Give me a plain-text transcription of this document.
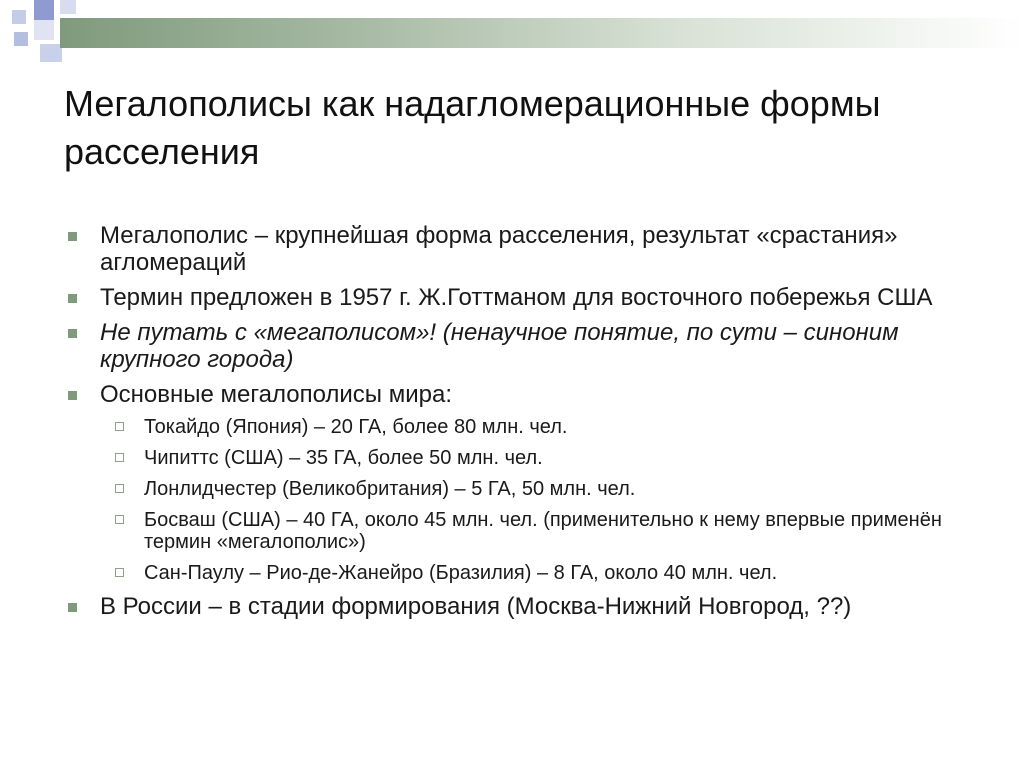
Мегалополисы как надагломерационные формы расселения
Мегалополис – крупнейшая форма расселения, результат «срастания» агломераций
Термин предложен в 1957 г. Ж.Готтманом для восточного побережья США
Не путать с «мегаполисом»! (ненаучное понятие, по сути – синоним крупного города)
Основные мегалополисы мира:
Токайдо (Япония) – 20 ГА, более 80 млн. чел.
Чипиттс (США) – 35 ГА, более 50 млн. чел.
Лонлидчестер (Великобритания) – 5 ГА, 50 млн. чел.
Босваш (США) – 40 ГА, около 45 млн. чел. (применительно к нему впервые применён термин «мегалополис»)
Сан-Паулу – Рио-де-Жанейро (Бразилия) – 8 ГА, около 40 млн. чел.
В России – в стадии формирования (Москва-Нижний Новгород, ??)
